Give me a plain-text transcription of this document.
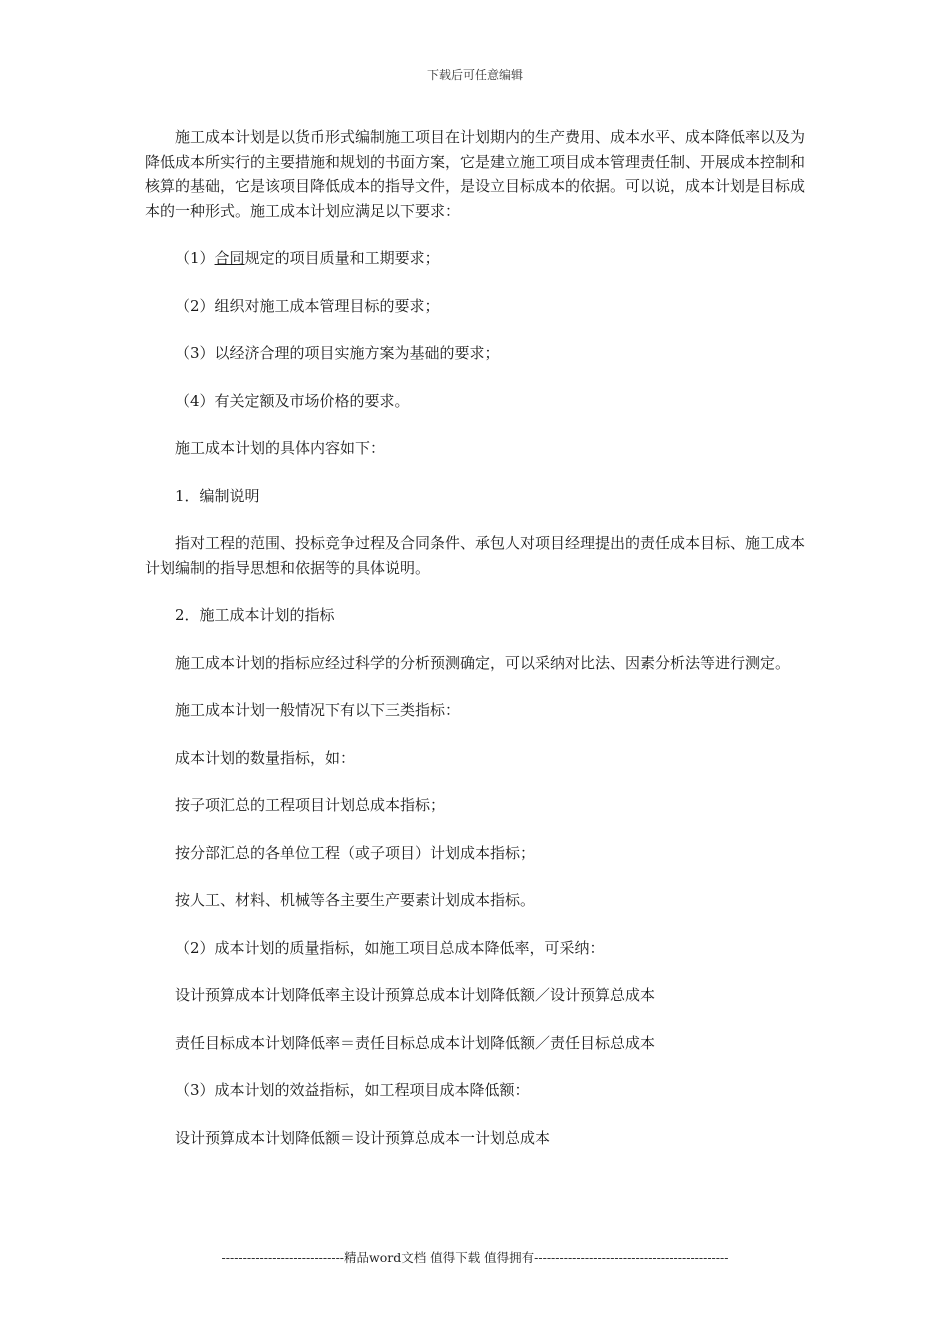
下载后可任意编辑

施工成本计划是以货币形式编制施工项目在计划期内的生产费用、成本水平、成本降低率以及为降低成本所实行的主要措施和规划的书面方案，它是建立施工项目成本管理责任制、开展成本控制和核算的基础，它是该项目降低成本的指导文件，是设立目标成本的依据。可以说，成本计划是目标成本的一种形式。施工成本计划应满足以下要求：

（1）合同规定的项目质量和工期要求；

（2）组织对施工成本管理目标的要求；

（3）以经济合理的项目实施方案为基础的要求；

（4）有关定额及市场价格的要求。

施工成本计划的具体内容如下：

1．编制说明

指对工程的范围、投标竞争过程及合同条件、承包人对项目经理提出的责任成本目标、施工成本计划编制的指导思想和依据等的具体说明。

2．施工成本计划的指标

施工成本计划的指标应经过科学的分析预测确定，可以采纳对比法、因素分析法等进行测定。

施工成本计划一般情况下有以下三类指标：

成本计划的数量指标，如：

按子项汇总的工程项目计划总成本指标；

按分部汇总的各单位工程（或子项目）计划成本指标；

按人工、材料、机械等各主要生产要素计划成本指标。

（2）成本计划的质量指标，如施工项目总成本降低率，可采纳：

设计预算成本计划降低率主设计预算总成本计划降低额／设计预算总成本

责任目标成本计划降低率＝责任目标总成本计划降低额／责任目标总成本

（3）成本计划的效益指标，如工程项目成本降低额：

设计预算成本计划降低额＝设计预算总成本一计划总成本

-----------------------------精品word文档 值得下载 值得拥有----------------------------------------------
